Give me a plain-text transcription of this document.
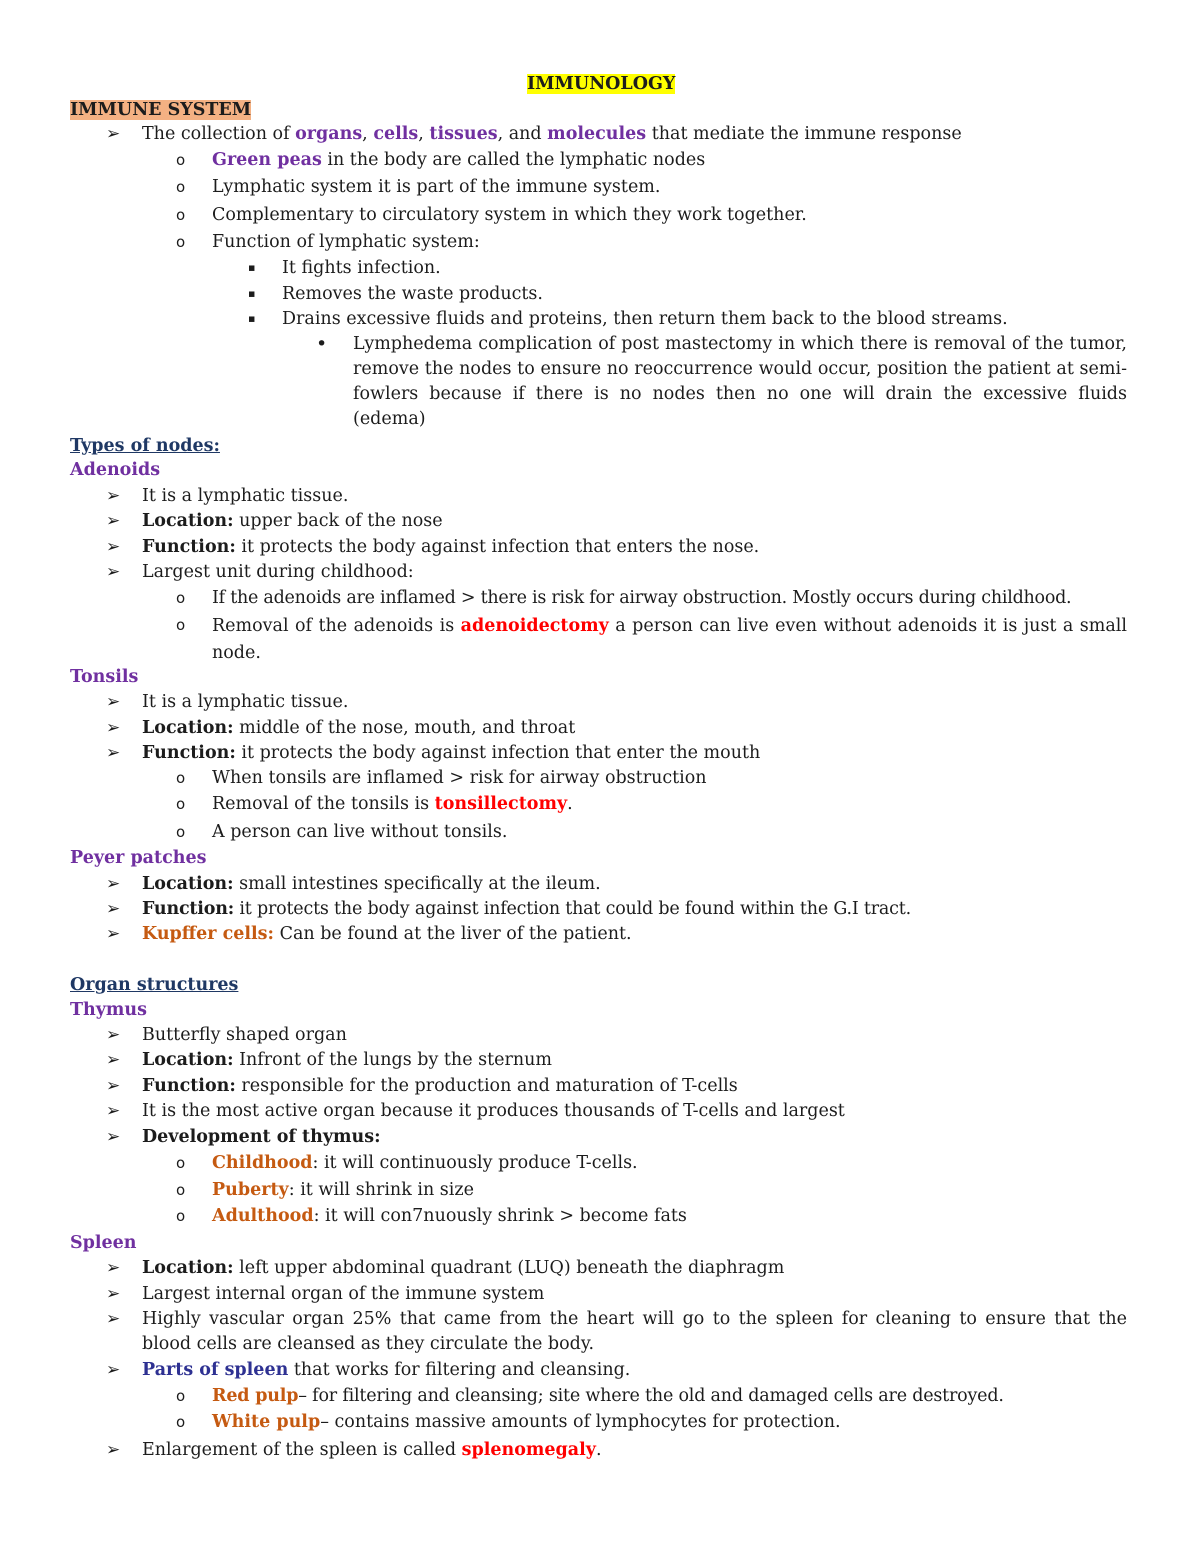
IMMUNOLOGY
IMMUNE SYSTEM
➢ The collection of organs, cells, tissues, and molecules that mediate the immune response
o Green peas in the body are called the lymphatic nodes
o Lymphatic system it is part of the immune system.
o Complementary to circulatory system in which they work together.
o Function of lymphatic system:
▪ It fights infection.
▪ Removes the waste products.
▪ Drains excessive fluids and proteins, then return them back to the blood streams.
• Lymphedema complication of post mastectomy in which there is removal of the tumor, remove the nodes to ensure no reoccurrence would occur, position the patient at semi- fowlers because if there is no nodes then no one will drain the excessive fluids (edema)
Types of nodes:
Adenoids
➢ It is a lymphatic tissue.
➢ Location: upper back of the nose
➢ Function: it protects the body against infection that enters the nose.
➢ Largest unit during childhood:
o If the adenoids are inflamed > there is risk for airway obstruction. Mostly occurs during childhood.
o Removal of the adenoids is adenoidectomy a person can live even without adenoids it is just a small node.
Tonsils
➢ It is a lymphatic tissue.
➢ Location: middle of the nose, mouth, and throat
➢ Function: it protects the body against infection that enter the mouth
o When tonsils are inflamed > risk for airway obstruction
o Removal of the tonsils is tonsillectomy.
o A person can live without tonsils.
Peyer patches
➢ Location: small intestines specifically at the ileum.
➢ Function: it protects the body against infection that could be found within the G.I tract.
➢ Kupffer cells: Can be found at the liver of the patient.
Organ structures
Thymus
➢ Butterfly shaped organ
➢ Location: Infront of the lungs by the sternum
➢ Function: responsible for the production and maturation of T-cells
➢ It is the most active organ because it produces thousands of T-cells and largest
➢ Development of thymus:
o Childhood: it will continuously produce T-cells.
o Puberty: it will shrink in size
o Adulthood: it will con7nuously shrink > become fats
Spleen
➢ Location: left upper abdominal quadrant (LUQ) beneath the diaphragm
➢ Largest internal organ of the immune system
➢ Highly vascular organ 25% that came from the heart will go to the spleen for cleaning to ensure that the blood cells are cleansed as they circulate the body.
➢ Parts of spleen that works for filtering and cleansing.
o Red pulp– for filtering and cleansing; site where the old and damaged cells are destroyed.
o White pulp– contains massive amounts of lymphocytes for protection.
➢ Enlargement of the spleen is called splenomegaly.
